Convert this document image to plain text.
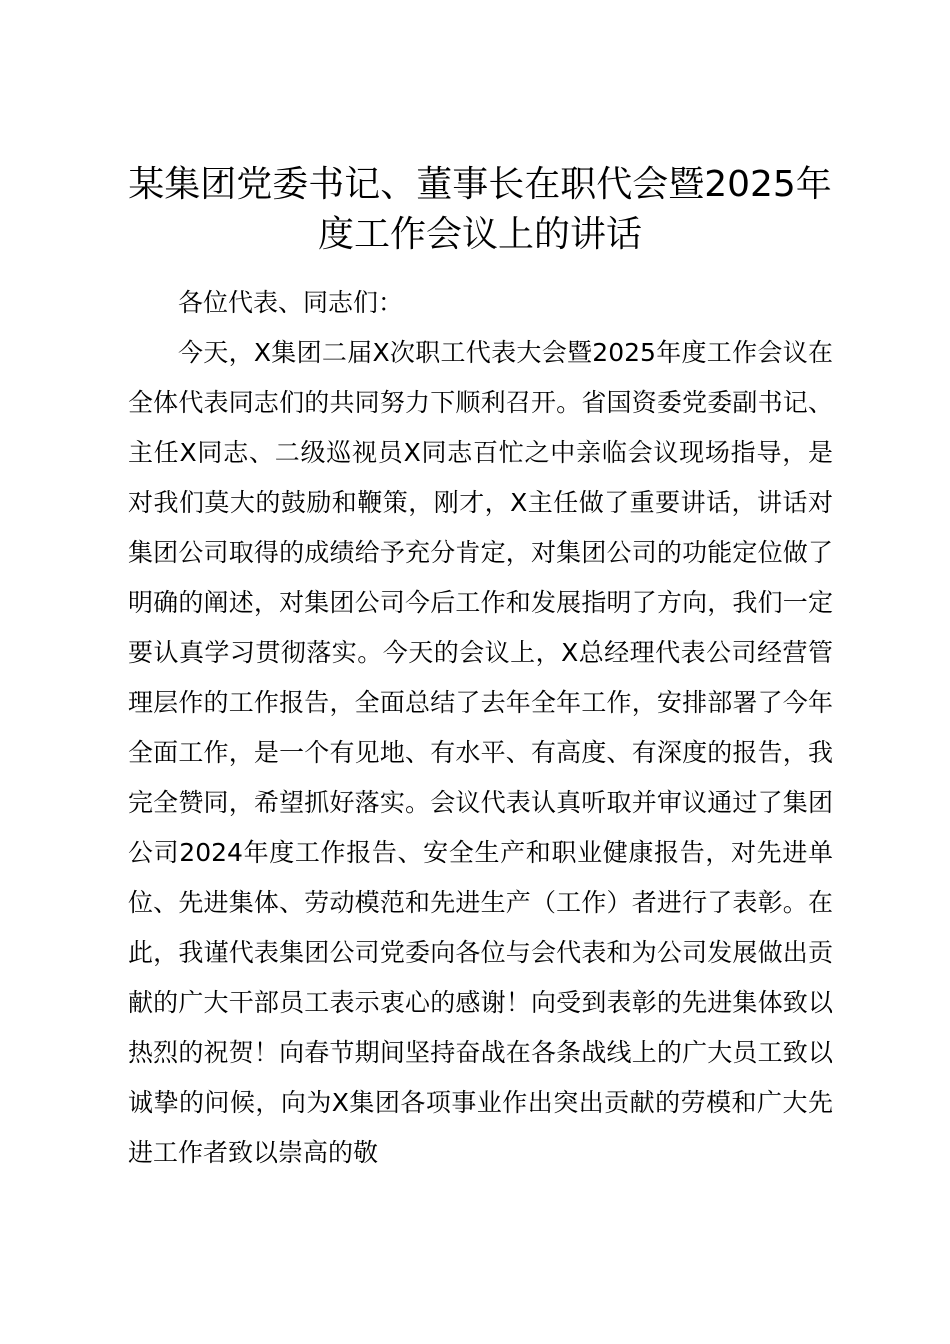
某集团党委书记、董事长在职代会暨2025年度工作会议上的讲话

各位代表、同志们：

今天，X集团二届X次职工代表大会暨2025年度工作会议在全体代表同志们的共同努力下顺利召开。省国资委党委副书记、主任X同志、二级巡视员X同志百忙之中亲临会议现场指导，是对我们莫大的鼓励和鞭策，刚才，X主任做了重要讲话，讲话对集团公司取得的成绩给予充分肯定，对集团公司的功能定位做了明确的阐述，对集团公司今后工作和发展指明了方向，我们一定要认真学习贯彻落实。今天的会议上，X总经理代表公司经营管理层作的工作报告，全面总结了去年全年工作，安排部署了今年全面工作，是一个有见地、有水平、有高度、有深度的报告，我完全赞同，希望抓好落实。会议代表认真听取并审议通过了集团公司2024年度工作报告、安全生产和职业健康报告，对先进单位、先进集体、劳动模范和先进生产（工作）者进行了表彰。在此，我谨代表集团公司党委向各位与会代表和为公司发展做出贡献的广大干部员工表示衷心的感谢！向受到表彰的先进集体致以热烈的祝贺！向春节期间坚持奋战在各条战线上的广大员工致以诚挚的问候，向为X集团各项事业作出突出贡献的劳模和广大先进工作者致以崇高的敬
